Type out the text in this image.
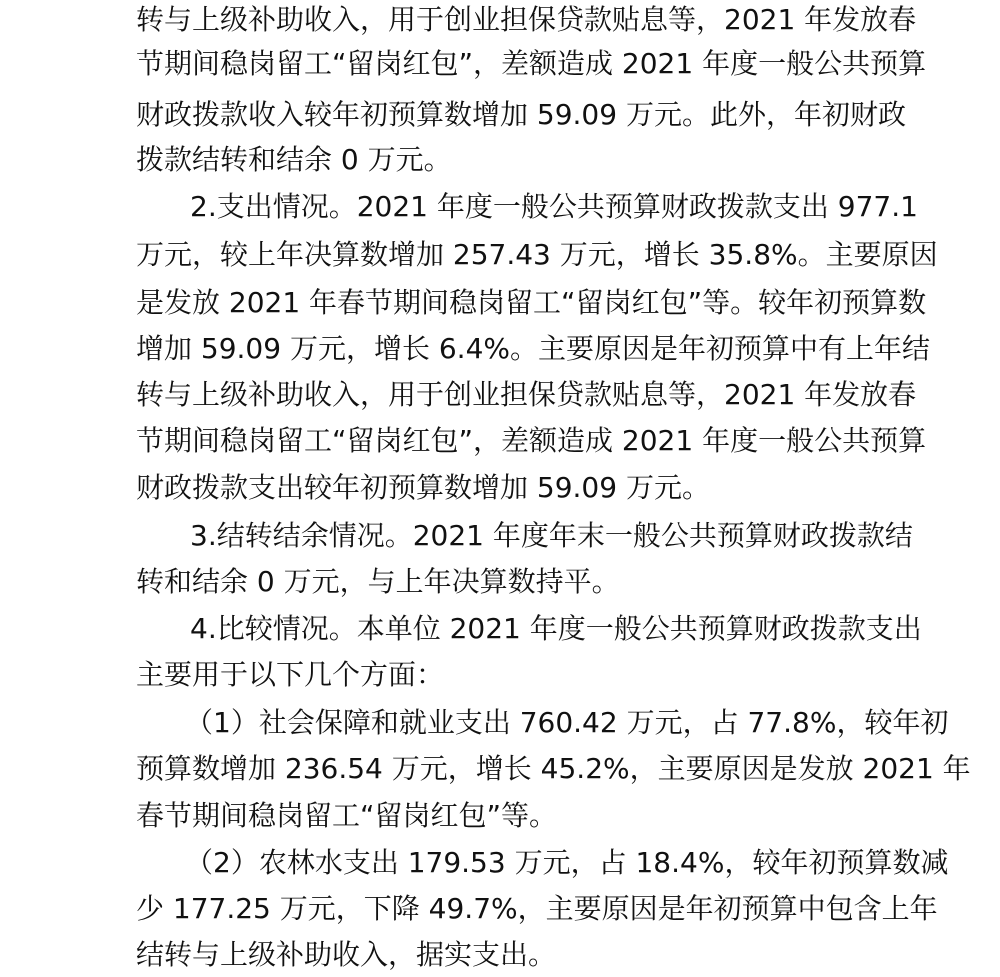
转与上级补助收入，用于创业担保贷款贴息等，2021 年发放春
节期间稳岗留工“留岗红包”，差额造成 2021 年度一般公共预算
财政拨款收入较年初预算数增加 59.09 万元。此外，年初财政
拨款结转和结余 0 万元。
2.支出情况。2021 年度一般公共预算财政拨款支出 977.1
万元，较上年决算数增加 257.43 万元，增长 35.8%。主要原因
是发放 2021 年春节期间稳岗留工“留岗红包”等。较年初预算数
增加 59.09 万元，增长 6.4%。主要原因是年初预算中有上年结
转与上级补助收入，用于创业担保贷款贴息等，2021 年发放春
节期间稳岗留工“留岗红包”，差额造成 2021 年度一般公共预算
财政拨款支出较年初预算数增加 59.09 万元。
3.结转结余情况。2021 年度年末一般公共预算财政拨款结
转和结余 0 万元，与上年决算数持平。
4.比较情况。本单位 2021 年度一般公共预算财政拨款支出
主要用于以下几个方面：
（1）社会保障和就业支出 760.42 万元，占 77.8%，较年初
预算数增加 236.54 万元，增长 45.2%，主要原因是发放 2021 年
春节期间稳岗留工“留岗红包”等。
（2）农林水支出 179.53 万元，占 18.4%，较年初预算数减
少 177.25 万元，下降 49.7%，主要原因是年初预算中包含上年
结转与上级补助收入，据实支出。
